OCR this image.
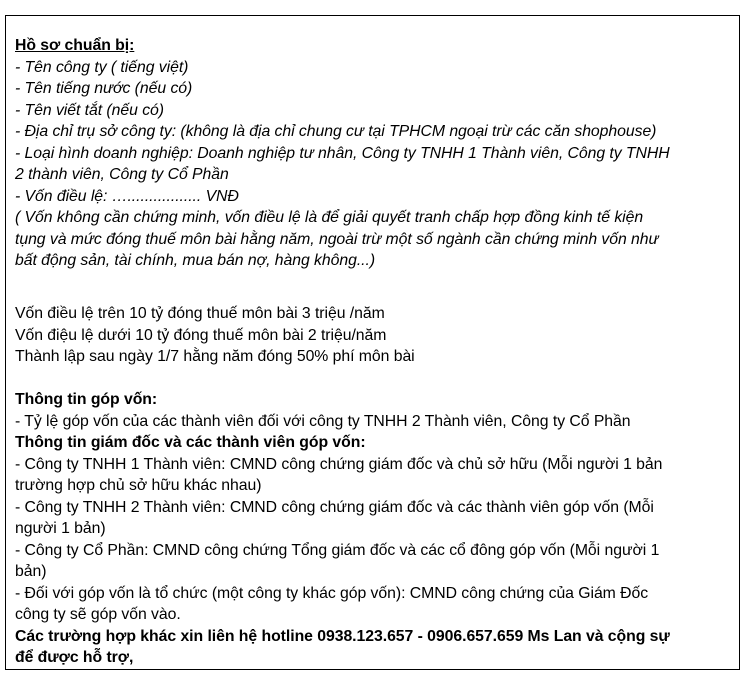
Hồ sơ chuẩn bị:
- Tên công ty ( tiếng việt)
- Tên tiếng nước (nếu có)
- Tên viết tắt (nếu có)
- Địa chỉ trụ sở công ty: (không là địa chỉ chung cư tại TPHCM ngoại trừ các căn shophouse)
- Loại hình doanh nghiệp: Doanh nghiệp tư nhân, Công ty TNHH 1 Thành viên, Công ty TNHH
2 thành viên, Công ty Cổ Phần
- Vốn điều lệ: …................. VNĐ
( Vốn không cần chứng minh, vốn điều lệ là để giải quyết tranh chấp hợp đồng kinh tế kiện
tụng và mức đóng thuế môn bài hằng năm, ngoài trừ một số ngành cần chứng minh vốn như
bất động sản, tài chính, mua bán nợ, hàng không...)
Vốn điều lệ trên 10 tỷ đóng thuế môn bài 3 triệu /năm
Vốn điệu lệ dưới 10 tỷ đóng thuế môn bài 2 triệu/năm
Thành lập sau ngày 1/7 hằng năm đóng 50% phí môn bài
Thông tin góp vốn:
- Tỷ lệ góp vốn của các thành viên đối với công ty TNHH 2 Thành viên, Công ty Cổ Phần
Thông tin giám đốc và các thành viên góp vốn:
- Công ty TNHH 1 Thành viên: CMND công chứng giám đốc và chủ sở hữu (Mỗi người 1 bản
trường hợp chủ sở hữu khác nhau)
- Công ty TNHH 2 Thành viên: CMND công chứng giám đốc và các thành viên góp vốn (Mỗi
người 1 bản)
- Công ty Cổ Phần: CMND công chứng Tổng giám đốc và các cổ đông góp vốn (Mỗi người 1
bản)
- Đối với góp vốn là tổ chức (một công ty khác góp vốn): CMND công chứng của Giám Đốc
công ty sẽ góp vốn vào.
Các trường hợp khác xin liên hệ hotline 0938.123.657 - 0906.657.659 Ms Lan và cộng sự
để được hỗ trợ,
